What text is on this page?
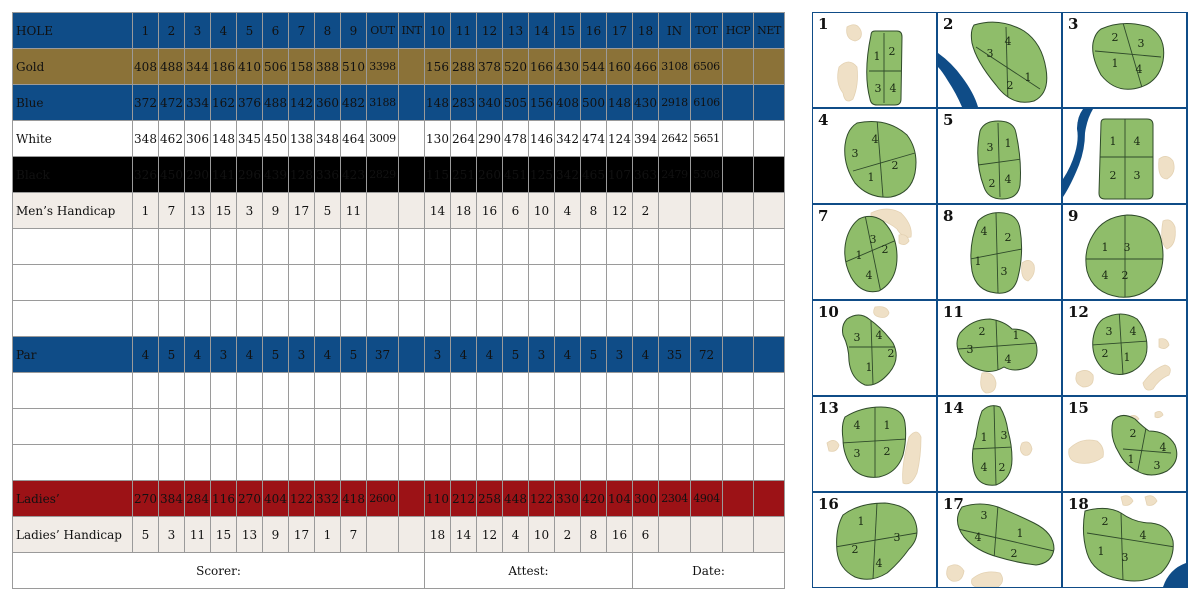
HOLE	1	2	3	4	5	6	7	8	9	OUT	INT	10	11	12	13	14	15	16	17	18	IN	TOT	HCP	NET
Gold	408	488	344	186	410	506	158	388	510	3398		156	288	378	520	166	430	544	160	466	3108	6506		
Blue	372	472	334	162	376	488	142	360	482	3188		148	283	340	505	156	408	500	148	430	2918	6106		
White	348	462	306	148	345	450	138	348	464	3009		130	264	290	478	146	342	474	124	394	2642	5651		
Black	326	450	290	141	296	439	128	336	423	2829		115	251	260	451	125	342	465	107	363	2479	5308		
Men’s Handicap	1	7	13	15	3	9	17	5	11			14	18	16	6	10	4	8	12	2				

Par	4	5	4	3	4	5	3	4	5	37		3	4	4	5	3	4	5	3	4	35	72		

Ladies’	270	384	284	116	270	404	122	332	418	2600		110	212	258	448	122	330	420	104	300	2304	4904		
Ladies’ Handicap	5	3	11	15	13	9	17	1	7			18	14	12	4	10	2	8	16	6				
Scorer:												Attest:								Date:				
1 2
3 4
1
4
3
1
2
2
2 3
1 4
3
4
3
2
1
4
3 1
2 4
5
1 4
2 3
6
3
1 2
4
7
4 2
1
3
8
1 3
4 2
9
3 4
2
1
10
2 1
3
4
11
3 4
2 1
12
4 1
3 2
13
1 3
4 2
14
2
4
1 3
15
1
3
2
4
16
3
1
4
2
17
2
4
1 3
18
